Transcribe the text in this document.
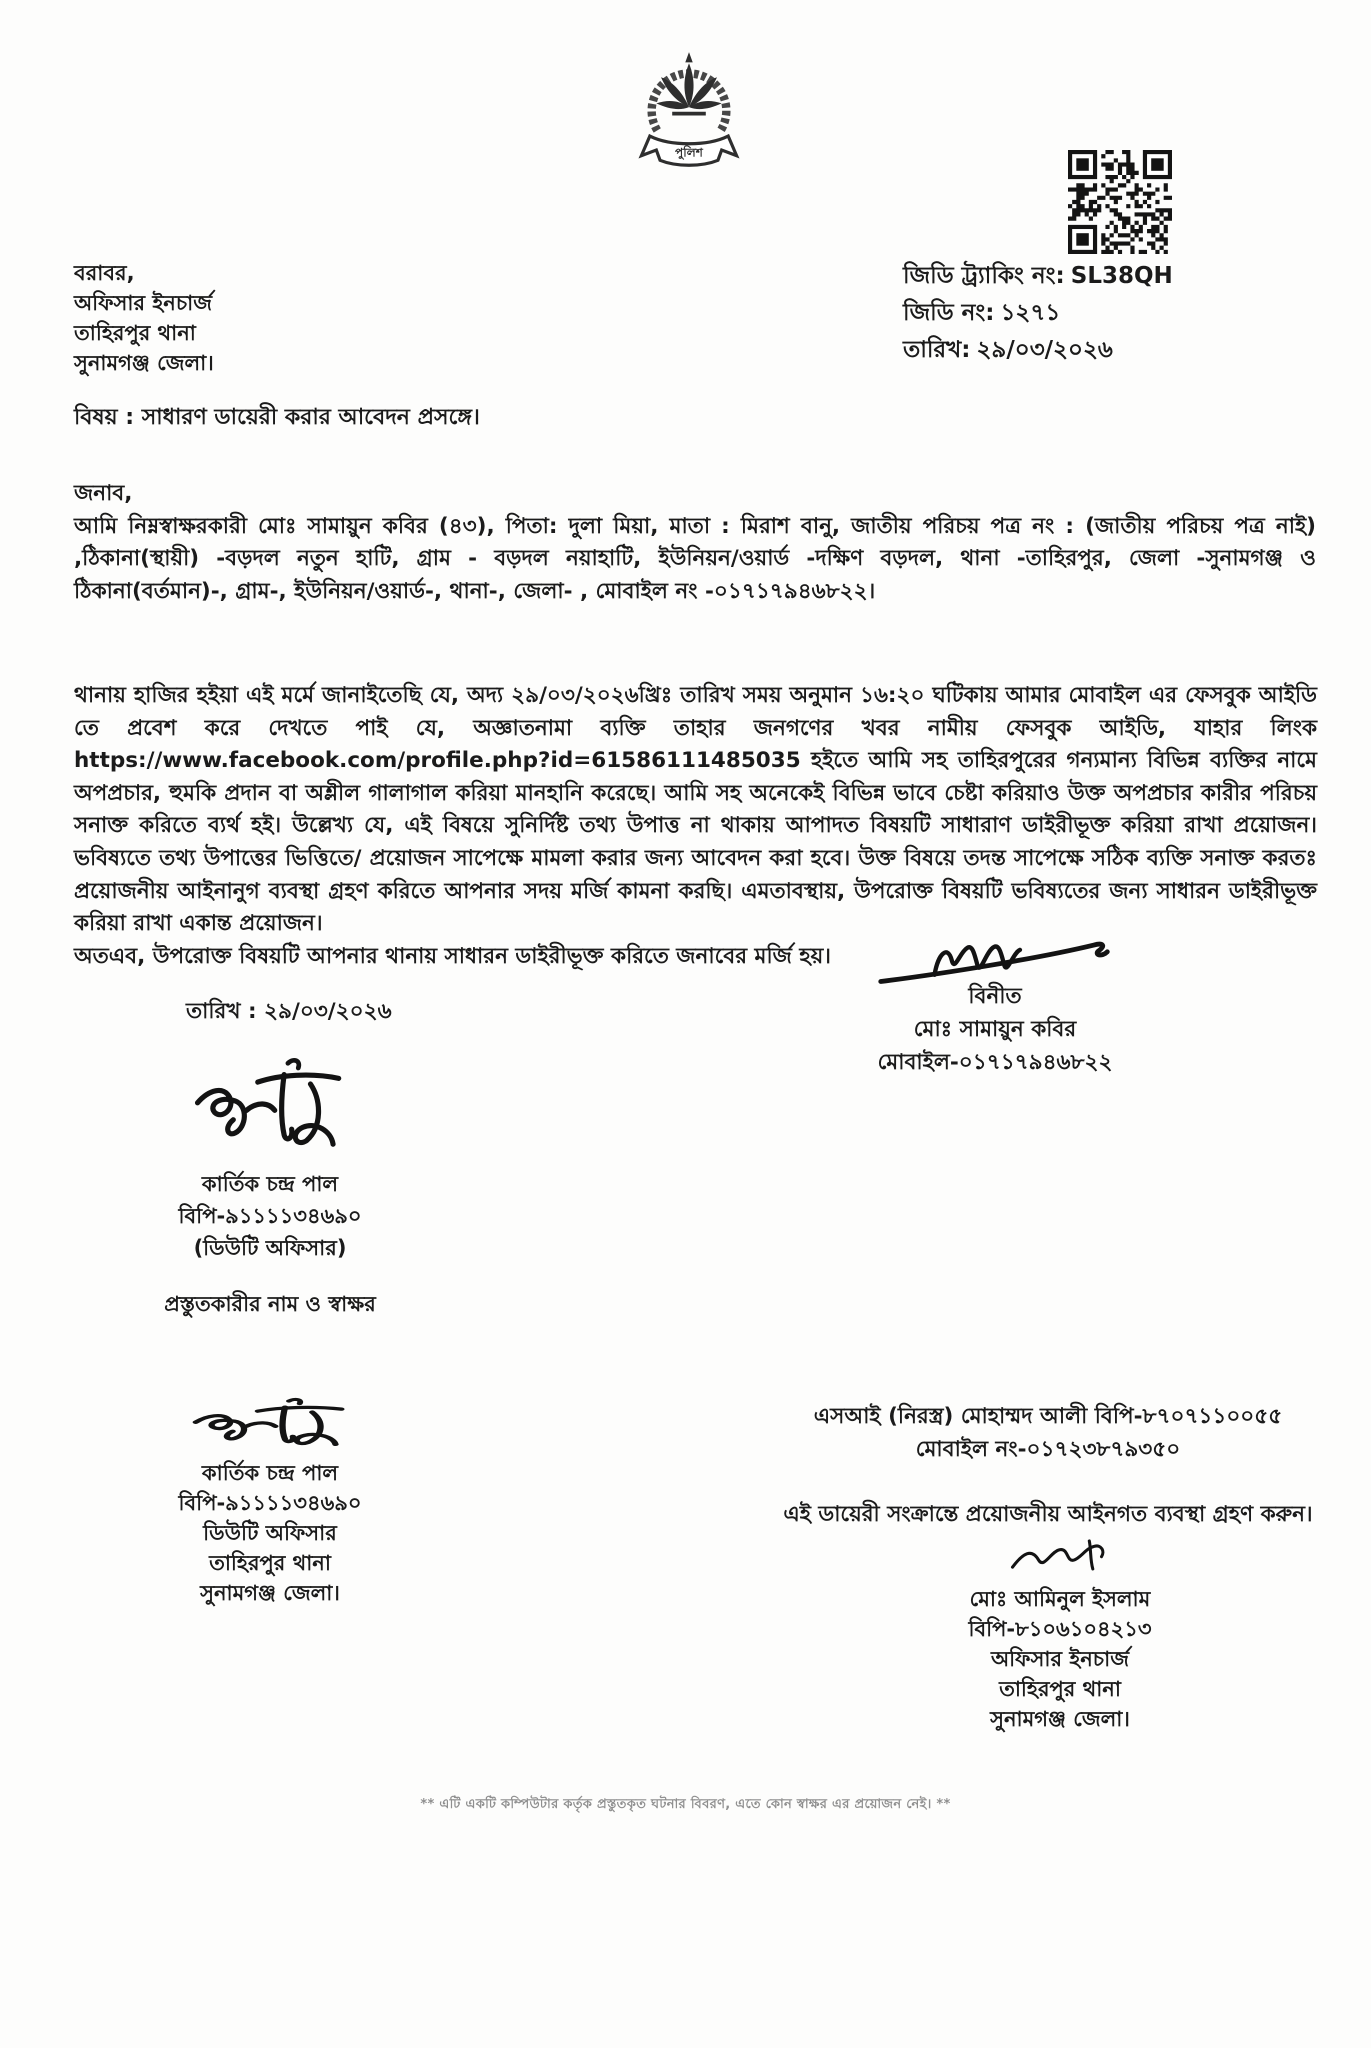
পুলিশ
জিডি ট্র্যাকিং নং: SL38QH
জিডি নং: ১২৭১
তারিখ: ২৯/০৩/২০২৬
বরাবর,
অফিসার ইনচার্জ
তাহিরপুর থানা
সুনামগঞ্জ জেলা।
বিষয় : সাধারণ ডায়েরী করার আবেদন প্রসঙ্গে।
জনাব,
আমি নিম্নস্বাক্ষরকারী মোঃ সামায়ুন কবির (৪৩), পিতা: দুলা মিয়া, মাতা : মিরাশ বানু, জাতীয় পরিচয় পত্র নং : (জাতীয় পরিচয় পত্র নাই) ,ঠিকানা(স্থায়ী) -বড়দল নতুন হাটি, গ্রাম - বড়দল নয়াহাটি, ইউনিয়ন/ওয়ার্ড -দক্ষিণ বড়দল, থানা -তাহিরপুর, জেলা -সুনামগঞ্জ ও ঠিকানা(বর্তমান)-, গ্রাম-, ইউনিয়ন/ওয়ার্ড-, থানা-, জেলা- , মোবাইল নং -০১৭১৭৯৪৬৮২২।
থানায় হাজির হইয়া এই মর্মে জানাইতেছি যে, অদ্য ২৯/০৩/২০২৬খ্রিঃ তারিখ সময় অনুমান ১৬:২০ ঘটিকায় আমার মোবাইল এর ফেসবুক আইডি তে প্রবেশ করে দেখতে পাই যে, অজ্ঞাতনামা ব্যক্তি তাহার জনগণের খবর নামীয় ফেসবুক আইডি, যাহার লিংক https://www.facebook.com/profile.php?id=61586111485035 হইতে আমি সহ তাহিরপুরের গন্যমান্য বিভিন্ন ব্যক্তির নামে অপপ্রচার, হুমকি প্রদান বা অশ্লীল গালাগাল করিয়া মানহানি করেছে। আমি সহ অনেকেই বিভিন্ন ভাবে চেষ্টা করিয়াও উক্ত অপপ্রচার কারীর পরিচয় সনাক্ত করিতে ব্যর্থ হই। উল্লেখ্য যে, এই বিষয়ে সুনির্দিষ্ট তথ্য উপাত্ত না থাকায় আপাদত বিষয়টি সাধারাণ ডাইরীভূক্ত করিয়া রাখা প্রয়োজন। ভবিষ্যতে তথ্য উপাত্তের ভিত্তিতে/ প্রয়োজন সাপেক্ষে মামলা করার জন্য আবেদন করা হবে। উক্ত বিষয়ে তদন্ত সাপেক্ষে সঠিক ব্যক্তি সনাক্ত করতঃ প্রয়োজনীয় আইনানুগ ব্যবস্থা গ্রহণ করিতে আপনার সদয় মর্জি কামনা করছি। এমতাবস্থায়, উপরোক্ত বিষয়টি ভবিষ্যতের জন্য সাধারন ডাইরীভূক্ত করিয়া রাখা একান্ত প্রয়োজন।
অতএব, উপরোক্ত বিষয়টি আপনার থানায় সাধারন ডাইরীভূক্ত করিতে জনাবের মর্জি হয়।
বিনীত
মোঃ সামায়ুন কবির
মোবাইল-০১৭১৭৯৪৬৮২২
তারিখ : ২৯/০৩/২০২৬
কার্তিক চন্দ্র পাল
বিপি-৯১১১১৩৪৬৯০
(ডিউটি অফিসার)
প্রস্তুতকারীর নাম ও স্বাক্ষর
কার্তিক চন্দ্র পাল
বিপি-৯১১১১৩৪৬৯০
ডিউটি অফিসার
তাহিরপুর থানা
সুনামগঞ্জ জেলা।
এসআই (নিরস্ত্র) মোহাম্মদ আলী বিপি-৮৭০৭১১০০৫৫
মোবাইল নং-০১৭২৩৮৭৯৩৫০
এই ডায়েরী সংক্রান্তে প্রয়োজনীয় আইনগত ব্যবস্থা গ্রহণ করুন।
মোঃ আমিনুল ইসলাম
বিপি-৮১০৬১০৪২১৩
অফিসার ইনচার্জ
তাহিরপুর থানা
সুনামগঞ্জ জেলা।
** এটি একটি কম্পিউটার কর্তৃক প্রস্তুতকৃত ঘটনার বিবরণ, এতে কোন স্বাক্ষর এর প্রয়োজন নেই। **
